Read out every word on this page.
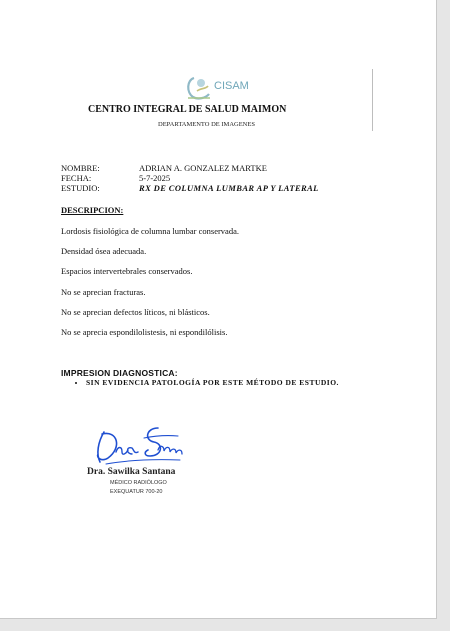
CISAM
CENTRO INTEGRAL DE SALUD MAIMON
DEPARTAMENTO DE IMAGENES
NOMBRE:	ADRIAN A. GONZALEZ MARTKE
FECHA:	5-7-2025
ESTUDIO:	RX DE COLUMNA LUMBAR AP Y LATERAL
DESCRIPCION:
Lordosis fisiológica de columna lumbar conservada.
Densidad ósea adecuada.
Espacios intervertebrales conservados.
No se aprecian fracturas.
No se aprecian defectos líticos, ni blásticos.
No se aprecia espondilolistesis, ni espondilólisis.
IMPRESION DIAGNOSTICA:
• SIN EVIDENCIA PATOLOGÍA POR ESTE MÉTODO DE ESTUDIO.
Dra. Sawilka Santana
MÉDICO RADIÓLOGO
EXEQUATUR 700-20
